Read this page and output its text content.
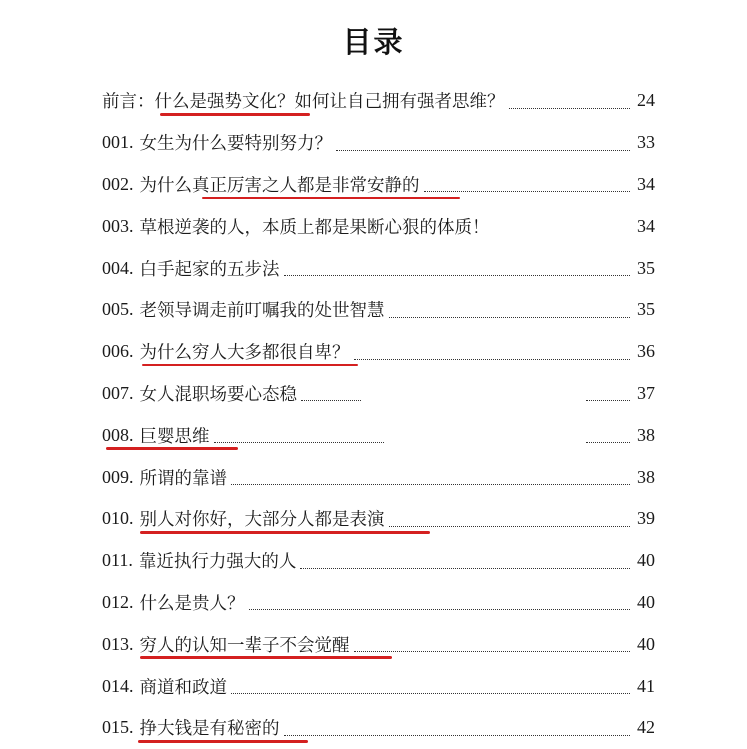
目录
前言：什么是强势文化？如何让自己拥有强者思维？	24
001. 女生为什么要特别努力？	33
002. 为什么真正厉害之人都是非常安静的	34
003. 草根逆袭的人，本质上都是果断心狠的体质！	34
004. 白手起家的五步法	35
005. 老领导调走前叮嘱我的处世智慧	35
006. 为什么穷人大多都很自卑？	36
007. 女人混职场要心态稳	37
008. 巨婴思维	38
009. 所谓的靠谱	38
010. 别人对你好，大部分人都是表演	39
011. 靠近执行力强大的人	40
012. 什么是贵人？	40
013. 穷人的认知一辈子不会觉醒	40
014. 商道和政道	41
015. 挣大钱是有秘密的	42
